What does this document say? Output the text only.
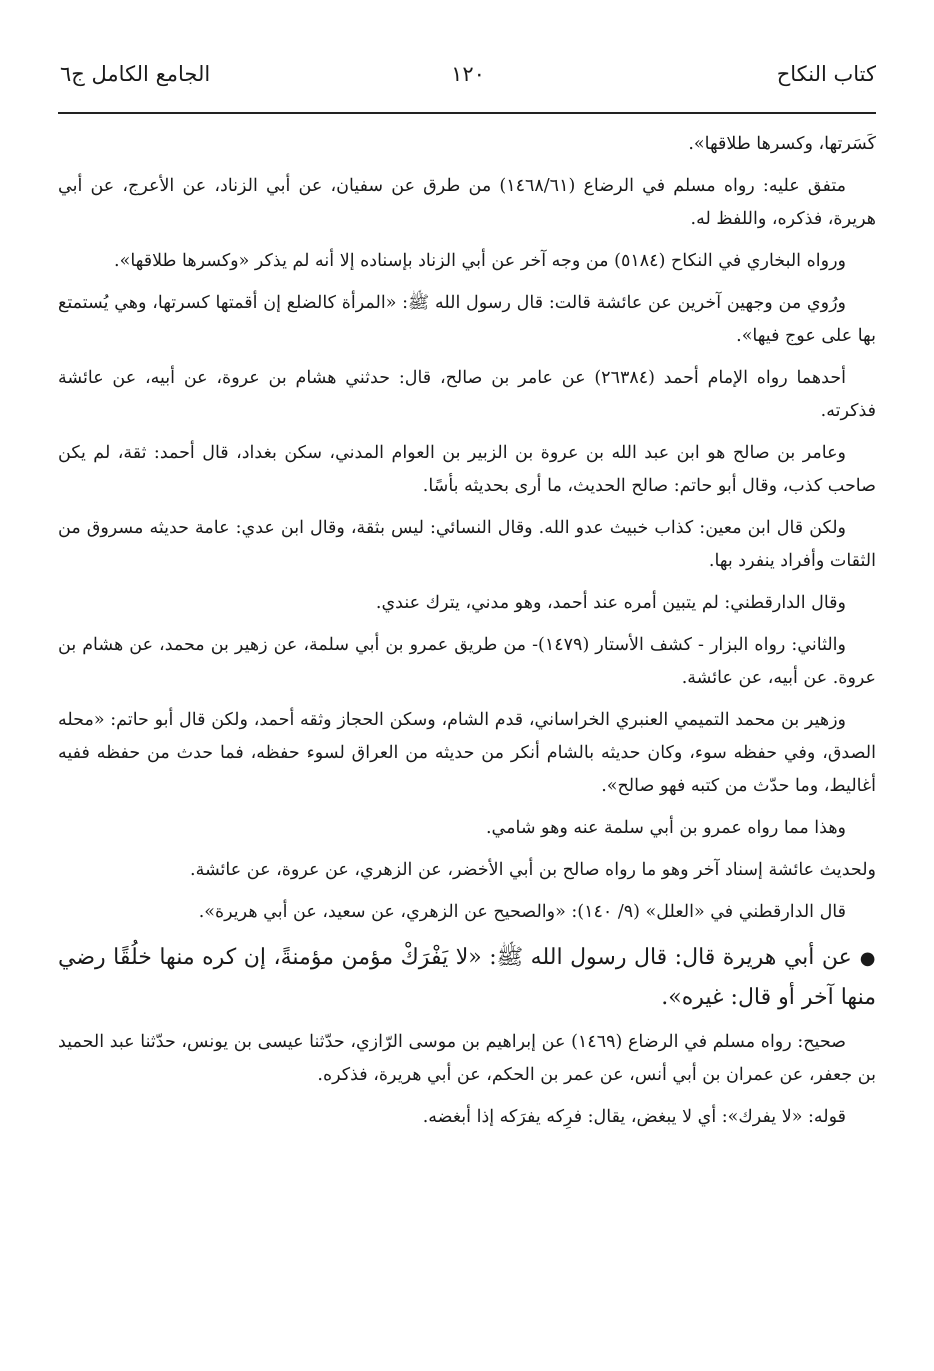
كتاب النكاح
١٢٠
الجامع الكامل ج٦

كَسَرتها، وكسرها طلاقها».

متفق عليه: رواه مسلم في الرضاع (١٤٦٨/٦١) من طرق عن سفيان، عن أبي الزناد، عن الأعرج، عن أبي هريرة، فذكره، واللفظ له.

ورواه البخاري في النكاح (٥١٨٤) من وجه آخر عن أبي الزناد بإسناده إلا أنه لم يذكر «وكسرها طلاقها».

ورُوي من وجهين آخرين عن عائشة قالت: قال رسول الله ﷺ: «المرأة كالضلع إن أقمتها كسرتها، وهي يُستمتع بها على عوج فيها».

أحدهما رواه الإمام أحمد (٢٦٣٨٤) عن عامر بن صالح، قال: حدثني هشام بن عروة، عن أبيه، عن عائشة فذكرته.

وعامر بن صالح هو ابن عبد الله بن عروة بن الزبير بن العوام المدني، سكن بغداد، قال أحمد: ثقة، لم يكن صاحب كذب، وقال أبو حاتم: صالح الحديث، ما أرى بحديثه بأسًا.

ولكن قال ابن معين: كذاب خبيث عدو الله. وقال النسائي: ليس بثقة، وقال ابن عدي: عامة حديثه مسروق من الثقات وأفراد ينفرد بها.

وقال الدارقطني: لم يتبين أمره عند أحمد، وهو مدني، يترك عندي.

والثاني: رواه البزار - كشف الأستار (١٤٧٩)- من طريق عمرو بن أبي سلمة، عن زهير بن محمد، عن هشام بن عروة. عن أبيه، عن عائشة.

وزهير بن محمد التميمي العنبري الخراساني، قدم الشام، وسكن الحجاز وثقه أحمد، ولكن قال أبو حاتم: «محله الصدق، وفي حفظه سوء، وكان حديثه بالشام أنكر من حديثه من العراق لسوء حفظه، فما حدث من حفظه ففيه أغاليط، وما حدّث من كتبه فهو صالح».

وهذا مما رواه عمرو بن أبي سلمة عنه وهو شامي.

ولحديث عائشة إسناد آخر وهو ما رواه صالح بن أبي الأخضر، عن الزهري، عن عروة، عن عائشة.

قال الدارقطني في «العلل» (٩/ ١٤٠): «والصحيح عن الزهري، عن سعيد، عن أبي هريرة».

●عن أبي هريرة قال: قال رسول الله ﷺ: «لا يَفْرَكْ مؤمن مؤمنةً، إن كره منها خلُقًا رضي منها آخر أو قال: غيره».

صحيح: رواه مسلم في الرضاع (١٤٦٩) عن إبراهيم بن موسى الرّازي، حدّثنا عيسى بن يونس، حدّثنا عبد الحميد بن جعفر، عن عمران بن أبي أنس، عن عمر بن الحكم، عن أبي هريرة، فذكره.

قوله: «لا يفرك»: أي لا يبغض، يقال: فرِكه يفرَكه إذا أبغضه.
